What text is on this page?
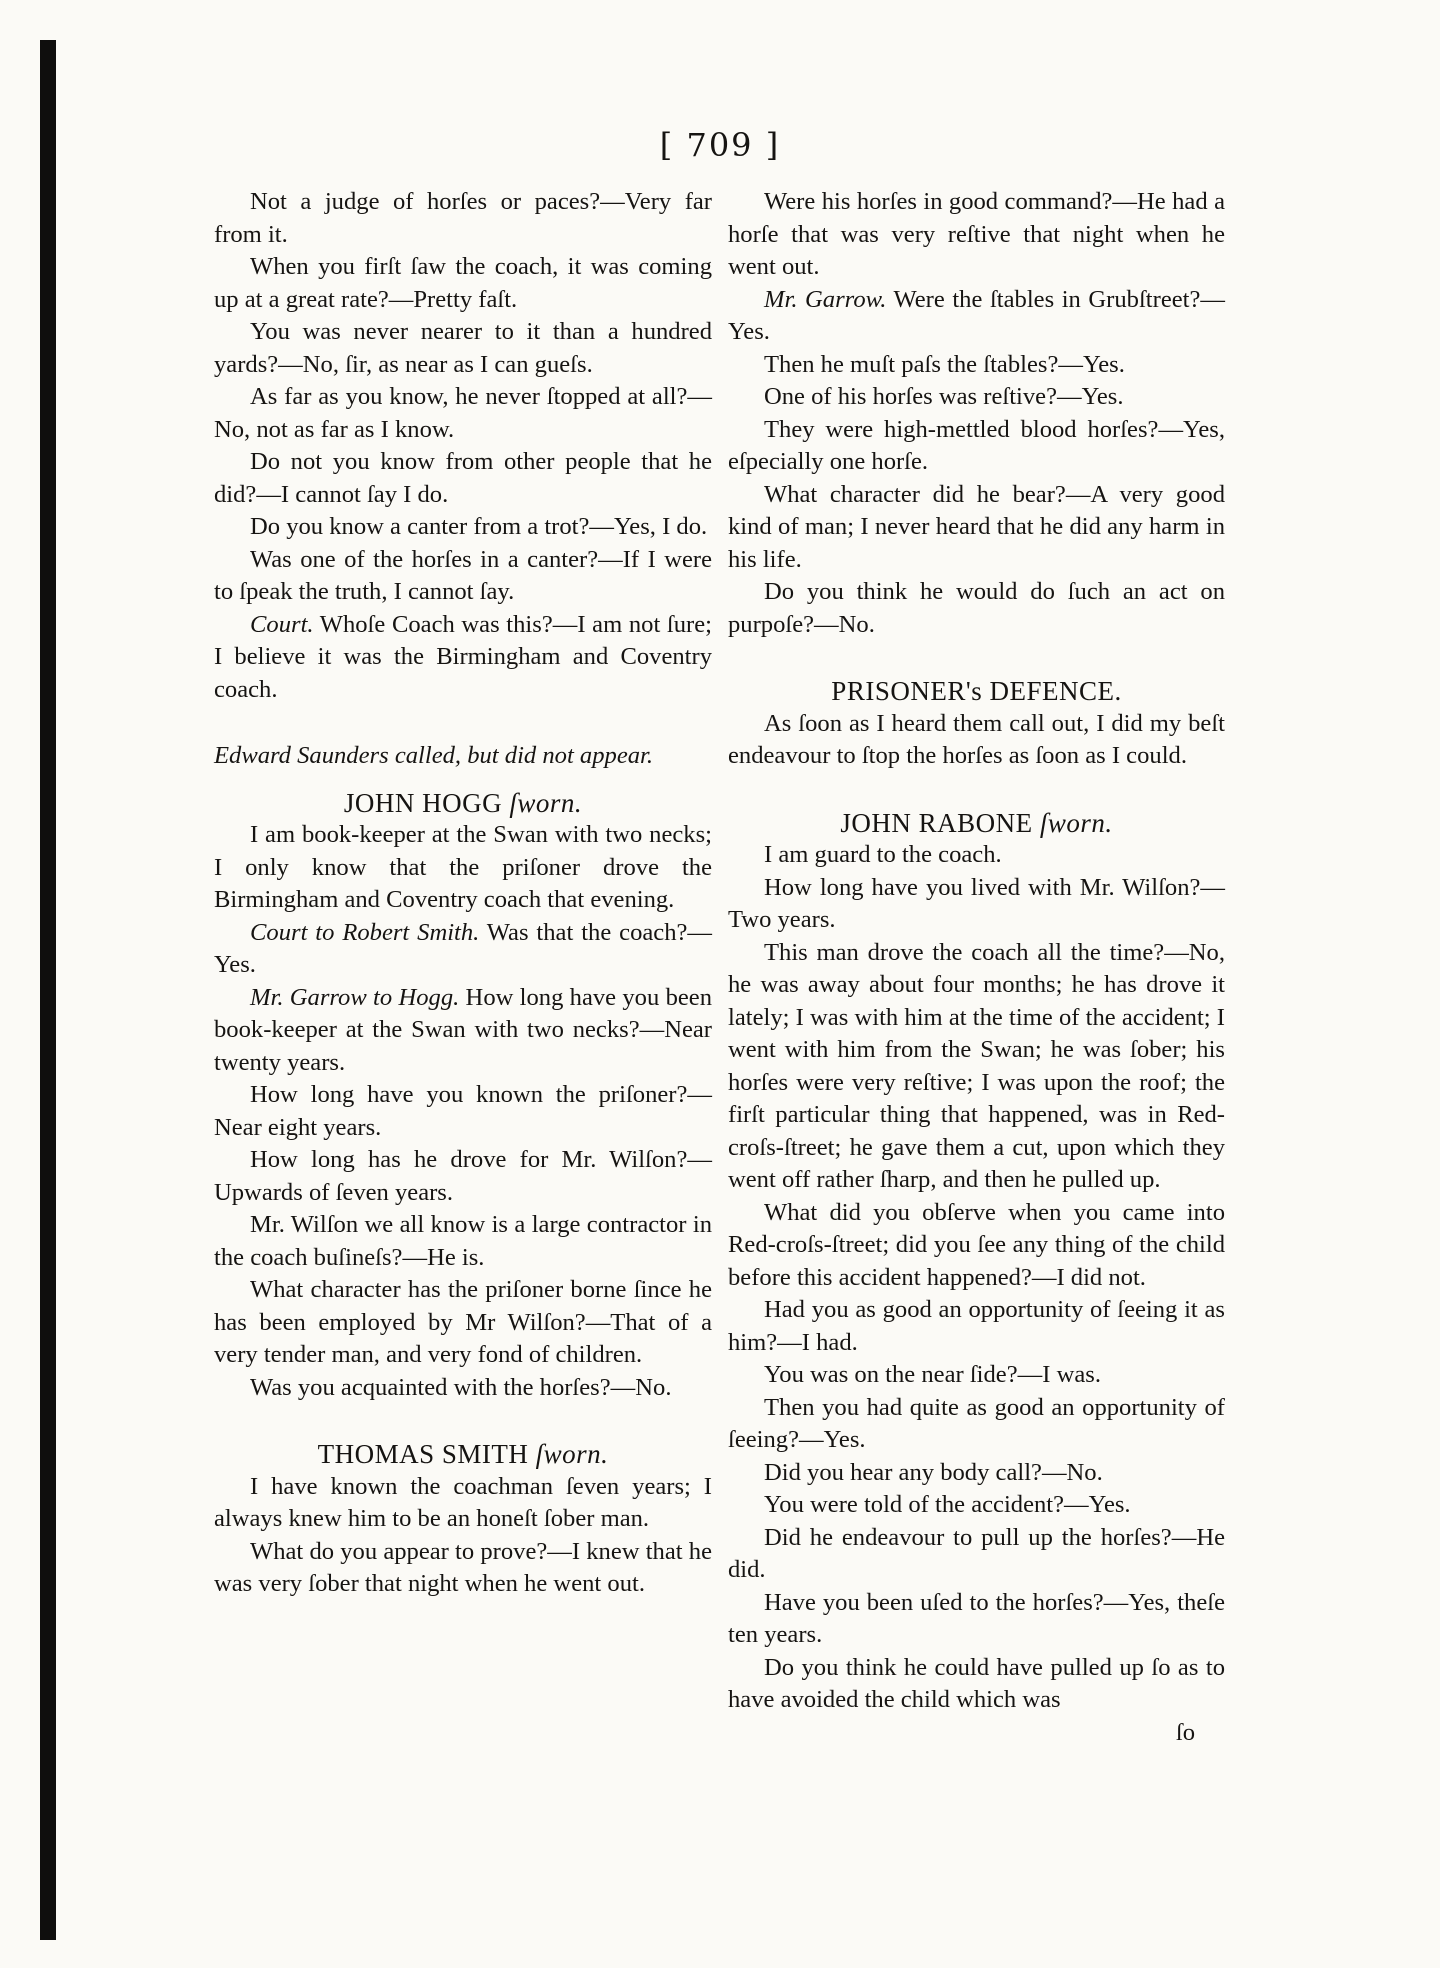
[ 709 ]

Not a judge of horſes or paces?—Very far from it.

When you firſt ſaw the coach, it was coming up at a great rate?—Pretty faſt.

You was never nearer to it than a hundred yards?—No, ſir, as near as I can gueſs.

As far as you know, he never ſtopped at all?—No, not as far as I know.

Do not you know from other people that he did?—I cannot ſay I do.

Do you know a canter from a trot?—Yes, I do.

Was one of the horſes in a canter?—If I were to ſpeak the truth, I cannot ſay.

Court. Whoſe Coach was this?—I am not ſure; I believe it was the Birmingham and Coventry coach.

Edward Saunders called, but did not appear.

JOHN HOGG ſworn.

I am book-keeper at the Swan with two necks; I only know that the priſoner drove the Birmingham and Coventry coach that evening.

Court to Robert Smith. Was that the coach?—Yes.

Mr. Garrow to Hogg. How long have you been book-keeper at the Swan with two necks?—Near twenty years.

How long have you known the priſoner?—Near eight years.

How long has he drove for Mr. Wilſon?—Upwards of ſeven years.

Mr. Wilſon we all know is a large contractor in the coach buſineſs?—He is.

What character has the priſoner borne ſince he has been employed by Mr Wilſon?—That of a very tender man, and very fond of children.

Was you acquainted with the horſes?—No.

THOMAS SMITH ſworn.

I have known the coachman ſeven years; I always knew him to be an honeſt ſober man.

What do you appear to prove?—I knew that he was very ſober that night when he went out.

Were his horſes in good command?—He had a horſe that was very reſtive that night when he went out.

Mr. Garrow. Were the ſtables in Grubſtreet?—Yes.

Then he muſt paſs the ſtables?—Yes.

One of his horſes was reſtive?—Yes.

They were high-mettled blood horſes?—Yes, eſpecially one horſe.

What character did he bear?—A very good kind of man; I never heard that he did any harm in his life.

Do you think he would do ſuch an act on purpoſe?—No.

PRISONER's DEFENCE.

As ſoon as I heard them call out, I did my beſt endeavour to ſtop the horſes as ſoon as I could.

JOHN RABONE ſworn.

I am guard to the coach.

How long have you lived with Mr. Wilſon?—Two years.

This man drove the coach all the time?—No, he was away about four months; he has drove it lately; I was with him at the time of the accident; I went with him from the Swan; he was ſober; his horſes were very reſtive; I was upon the roof; the firſt particular thing that happened, was in Red-croſs-ſtreet; he gave them a cut, upon which they went off rather ſharp, and then he pulled up.

What did you obſerve when you came into Red-croſs-ſtreet; did you ſee any thing of the child before this accident happened?—I did not.

Had you as good an opportunity of ſeeing it as him?—I had.

You was on the near ſide?—I was.

Then you had quite as good an opportunity of ſeeing?—Yes.

Did you hear any body call?—No.

You were told of the accident?—Yes.

Did he endeavour to pull up the horſes?—He did.

Have you been uſed to the horſes?—Yes, theſe ten years.

Do you think he could have pulled up ſo as to have avoided the child which was

ſo
